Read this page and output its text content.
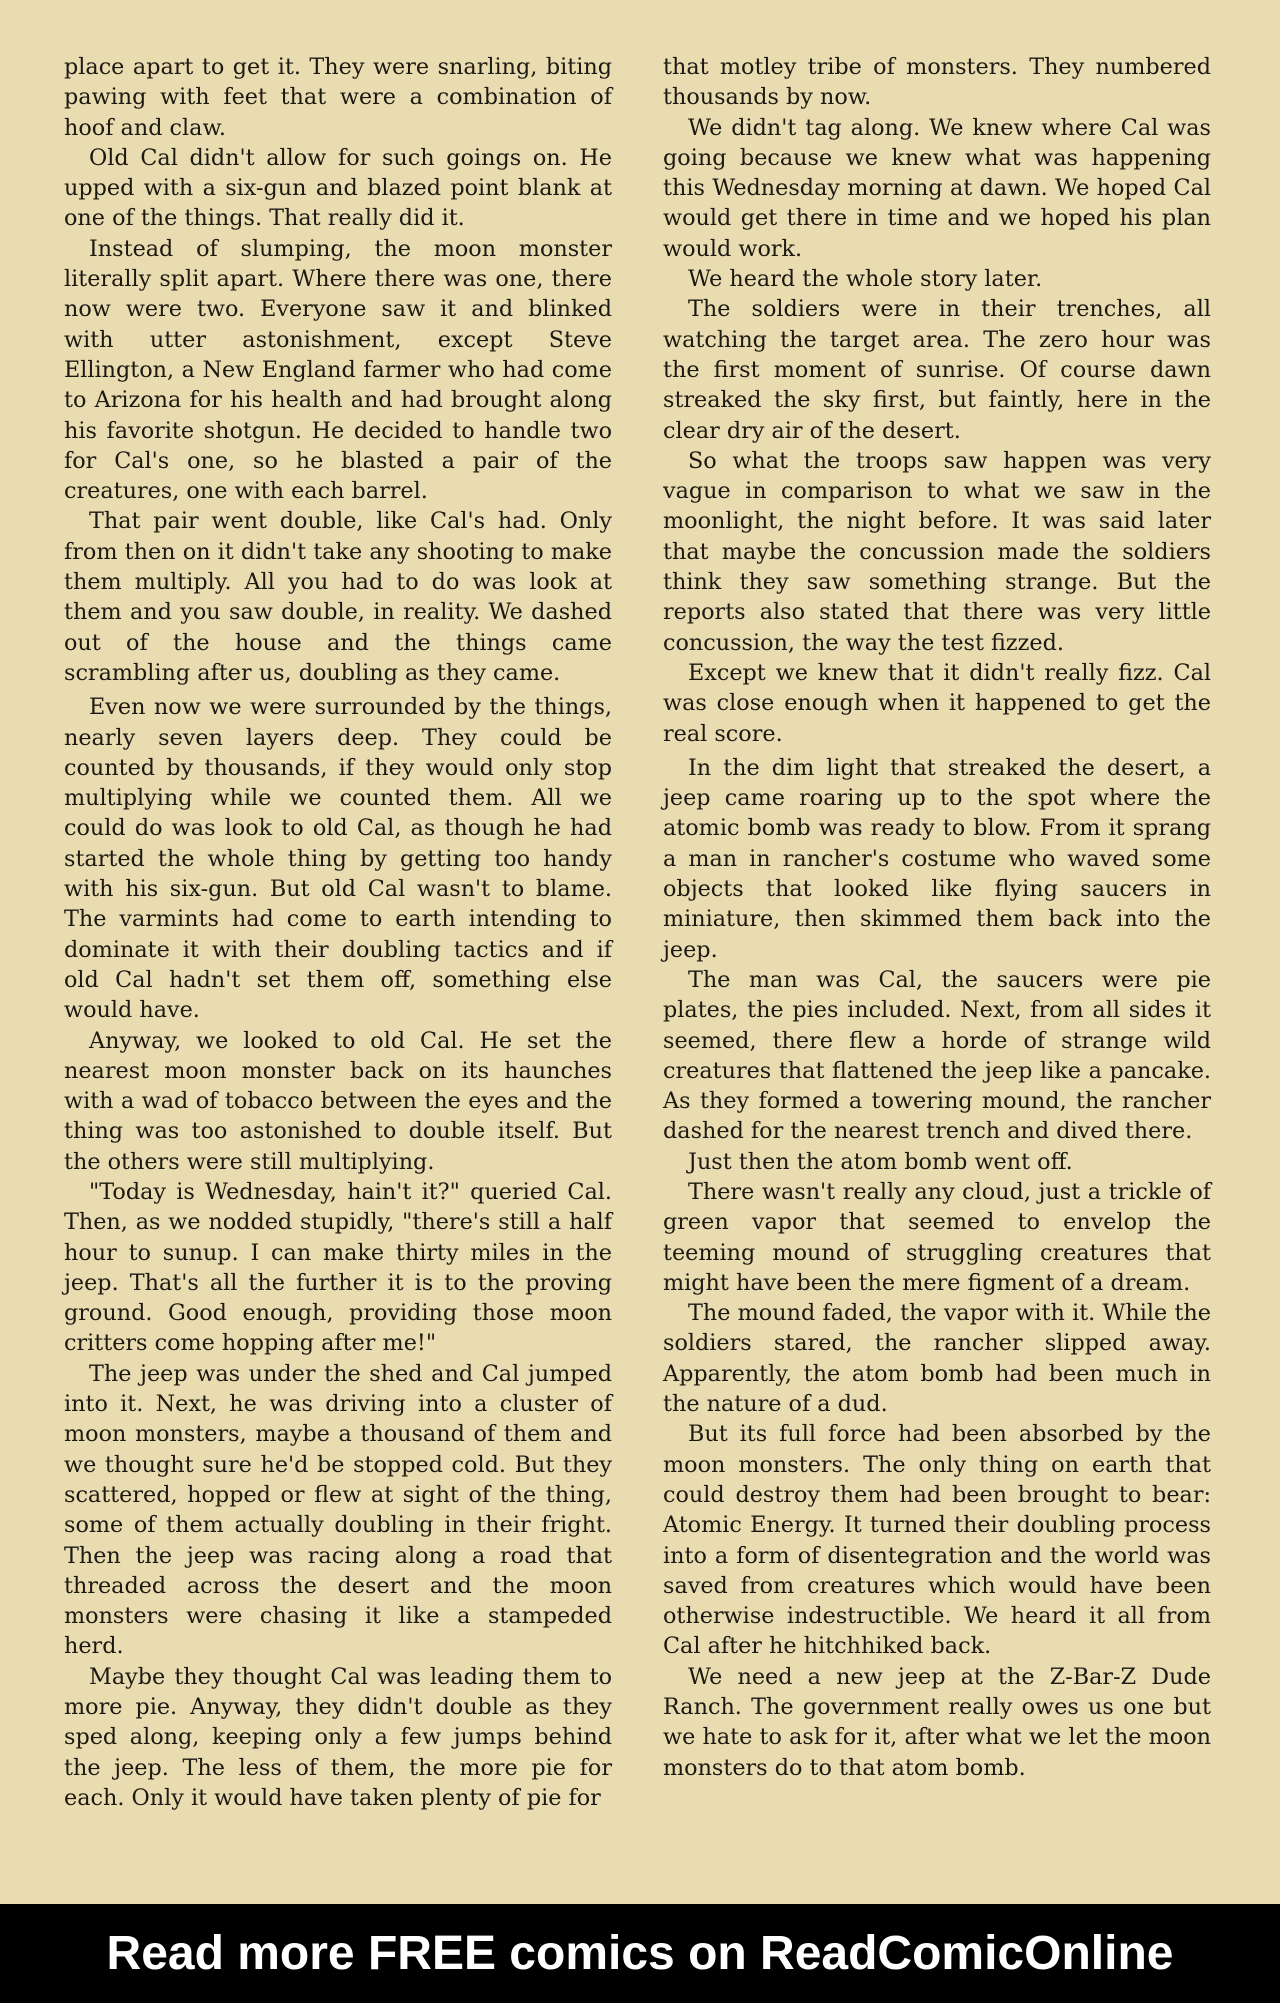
place apart to get it. They were snarling, biting pawing with feet that were a combination of hoof and claw.

Old Cal didn't allow for such goings on. He upped with a six-gun and blazed point blank at one of the things. That really did it.

Instead of slumping, the moon monster literally split apart. Where there was one, there now were two. Everyone saw it and blinked with utter astonishment, except Steve Ellington, a New England farmer who had come to Arizona for his health and had brought along his favorite shotgun. He decided to handle two for Cal's one, so he blasted a pair of the creatures, one with each barrel.

That pair went double, like Cal's had. Only from then on it didn't take any shooting to make them multiply. All you had to do was look at them and you saw double, in reality. We dashed out of the house and the things came scrambling after us, doubling as they came.

Even now we were surrounded by the things, nearly seven layers deep. They could be counted by thousands, if they would only stop multiplying while we counted them. All we could do was look to old Cal, as though he had started the whole thing by getting too handy with his six-gun. But old Cal wasn't to blame. The varmints had come to earth intending to dominate it with their doubling tactics and if old Cal hadn't set them off, something else would have.

Anyway, we looked to old Cal. He set the nearest moon monster back on its haunches with a wad of tobacco between the eyes and the thing was too astonished to double itself. But the others were still multiplying.

"Today is Wednesday, hain't it?" queried Cal. Then, as we nodded stupidly, "there's still a half hour to sunup. I can make thirty miles in the jeep. That's all the further it is to the proving ground. Good enough, providing those moon critters come hopping after me!"

The jeep was under the shed and Cal jumped into it. Next, he was driving into a cluster of moon monsters, maybe a thousand of them and we thought sure he'd be stopped cold. But they scattered, hopped or flew at sight of the thing, some of them actually doubling in their fright. Then the jeep was racing along a road that threaded across the desert and the moon monsters were chasing it like a stampeded herd.

Maybe they thought Cal was leading them to more pie. Anyway, they didn't double as they sped along, keeping only a few jumps behind the jeep. The less of them, the more pie for each. Only it would have taken plenty of pie for

that motley tribe of monsters. They numbered thousands by now.

We didn't tag along. We knew where Cal was going because we knew what was happening this Wednesday morning at dawn. We hoped Cal would get there in time and we hoped his plan would work.

We heard the whole story later.

The soldiers were in their trenches, all watching the target area. The zero hour was the first moment of sunrise. Of course dawn streaked the sky first, but faintly, here in the clear dry air of the desert.

So what the troops saw happen was very vague in comparison to what we saw in the moonlight, the night before. It was said later that maybe the concussion made the soldiers think they saw something strange. But the reports also stated that there was very little concussion, the way the test fizzed.

Except we knew that it didn't really fizz. Cal was close enough when it happened to get the real score.

In the dim light that streaked the desert, a jeep came roaring up to the spot where the atomic bomb was ready to blow. From it sprang a man in rancher's costume who waved some objects that looked like flying saucers in miniature, then skimmed them back into the jeep.

The man was Cal, the saucers were pie plates, the pies included. Next, from all sides it seemed, there flew a horde of strange wild creatures that flattened the jeep like a pancake. As they formed a towering mound, the rancher dashed for the nearest trench and dived there.

Just then the atom bomb went off.

There wasn't really any cloud, just a trickle of green vapor that seemed to envelop the teeming mound of struggling creatures that might have been the mere figment of a dream.

The mound faded, the vapor with it. While the soldiers stared, the rancher slipped away. Apparently, the atom bomb had been much in the nature of a dud.

But its full force had been absorbed by the moon monsters. The only thing on earth that could destroy them had been brought to bear: Atomic Energy. It turned their doubling process into a form of disentegration and the world was saved from creatures which would have been otherwise indestructible. We heard it all from Cal after he hitchhiked back.

We need a new jeep at the Z-Bar-Z Dude Ranch. The government really owes us one but we hate to ask for it, after what we let the moon monsters do to that atom bomb.

Read more FREE comics on ReadComicOnline
